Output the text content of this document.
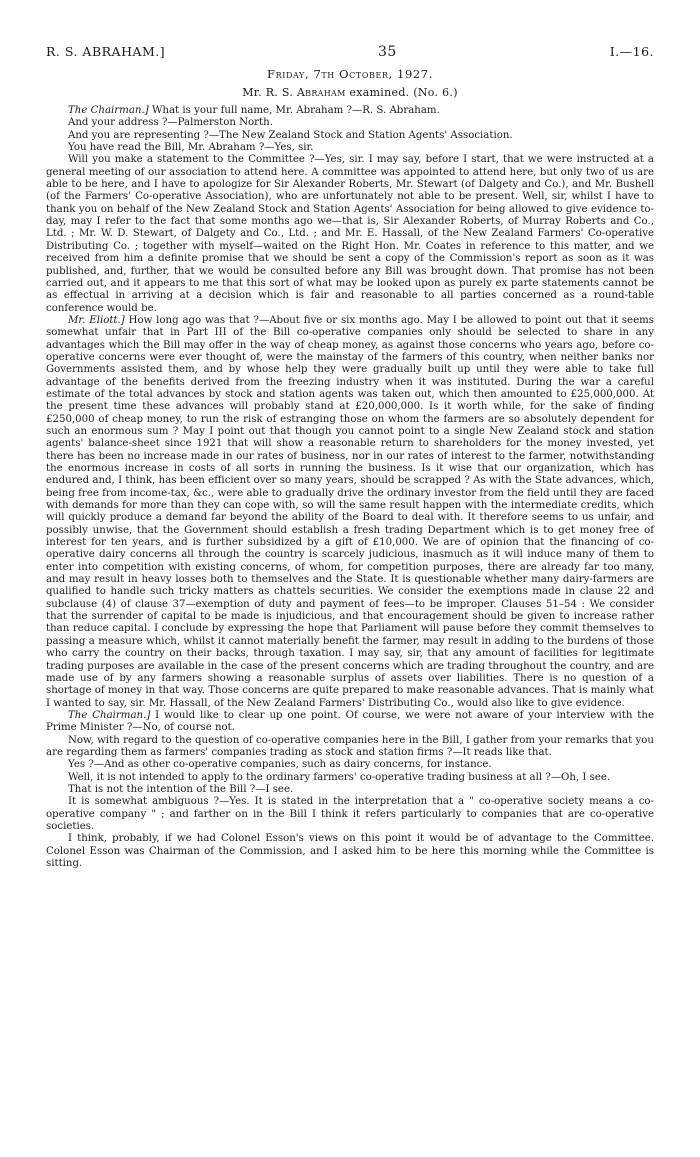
R. S. ABRAHAM.]	35	I.—16.
Friday, 7th October, 1927.
Mr. R. S. Abraham examined. (No. 6.)

The Chairman.] What is your full name, Mr. Abraham ?—R. S. Abraham.

And your address ?—Palmerston North.

And you are representing ?—The New Zealand Stock and Station Agents' Association.

You have read the Bill, Mr. Abraham ?—Yes, sir.

Will you make a statement to the Committee ?—Yes, sir. I may say, before I start, that we were instructed at a general meeting of our association to attend here. A committee was appointed to attend here, but only two of us are able to be here, and I have to apologize for Sir Alexander Roberts, Mr. Stewart (of Dalgety and Co.), and Mr. Bushell (of the Farmers' Co-operative Association), who are unfortunately not able to be present. Well, sir, whilst I have to thank you on behalf of the New Zealand Stock and Station Agents' Association for being allowed to give evidence to-day, may I refer to the fact that some months ago we—that is, Sir Alexander Roberts, of Murray Roberts and Co., Ltd. ; Mr. W. D. Stewart, of Dalgety and Co., Ltd. ; and Mr. E. Hassall, of the New Zealand Farmers' Co-operative Distributing Co. ; together with myself—waited on the Right Hon. Mr. Coates in reference to this matter, and we received from him a definite promise that we should be sent a copy of the Commission's report as soon as it was published, and, further, that we would be consulted before any Bill was brought down. That promise has not been carried out, and it appears to me that this sort of what may be looked upon as purely ex parte statements cannot be as effectual in arriving at a decision which is fair and reasonable to all parties concerned as a round-table conference would be.

Mr. Eliott.] How long ago was that ?—About five or six months ago. May I be allowed to point out that it seems somewhat unfair that in Part III of the Bill co-operative companies only should be selected to share in any advantages which the Bill may offer in the way of cheap money, as against those concerns who years ago, before co-operative concerns were ever thought of, were the mainstay of the farmers of this country, when neither banks nor Governments assisted them, and by whose help they were gradually built up until they were able to take full advantage of the benefits derived from the freezing industry when it was instituted. During the war a careful estimate of the total advances by stock and station agents was taken out, which then amounted to £25,000,000. At the present time these advances will probably stand at £20,000,000. Is it worth while, for the sake of finding £250,000 of cheap money, to run the risk of estranging those on whom the farmers are so absolutely dependent for such an enormous sum ? May I point out that though you cannot point to a single New Zealand stock and station agents' balance-sheet since 1921 that will show a reasonable return to shareholders for the money invested, yet there has been no increase made in our rates of business, nor in our rates of interest to the farmer, notwithstanding the enormous increase in costs of all sorts in running the business. Is it wise that our organization, which has endured and, I think, has been efficient over so many years, should be scrapped ? As with the State advances, which, being free from income-tax, &c., were able to gradually drive the ordinary investor from the field until they are faced with demands for more than they can cope with, so will the same result happen with the intermediate credits, which will quickly produce a demand far beyond the ability of the Board to deal with. It therefore seems to us unfair, and possibly unwise, that the Government should establish a fresh trading Department which is to get money free of interest for ten years, and is further subsidized by a gift of £10,000. We are of opinion that the financing of co-operative dairy concerns all through the country is scarcely judicious, inasmuch as it will induce many of them to enter into competition with existing concerns, of whom, for competition purposes, there are already far too many, and may result in heavy losses both to themselves and the State. It is questionable whether many dairy-farmers are qualified to handle such tricky matters as chattels securities. We consider the exemptions made in clause 22 and subclause (4) of clause 37—exemption of duty and payment of fees—to be improper. Clauses 51–54 : We consider that the surrender of capital to be made is injudicious, and that encouragement should be given to increase rather than reduce capital. I conclude by expressing the hope that Parliament will pause before they commit themselves to passing a measure which, whilst it cannot materially benefit the farmer, may result in adding to the burdens of those who carry the country on their backs, through taxation. I may say, sir, that any amount of facilities for legitimate trading purposes are available in the case of the present concerns which are trading throughout the country, and are made use of by any farmers showing a reasonable surplus of assets over liabilities. There is no question of a shortage of money in that way. Those concerns are quite prepared to make reasonable advances. That is mainly what I wanted to say, sir. Mr. Hassall, of the New Zealand Farmers' Distributing Co., would also like to give evidence.

The Chairman.] I would like to clear up one point. Of course, we were not aware of your interview with the Prime Minister ?—No, of course not.

Now, with regard to the question of co-operative companies here in the Bill, I gather from your remarks that you are regarding them as farmers' companies trading as stock and station firms ?—It reads like that.

Yes ?—And as other co-operative companies, such as dairy concerns, for instance.

Well, it is not intended to apply to the ordinary farmers' co-operative trading business at all ?—Oh, I see.

That is not the intention of the Bill ?—I see.

It is somewhat ambiguous ?—Yes. It is stated in the interpretation that a " co-operative society means a co-operative company " ; and farther on in the Bill I think it refers particularly to companies that are co-operative societies.

I think, probably, if we had Colonel Esson's views on this point it would be of advantage to the Committee. Colonel Esson was Chairman of the Commission, and I asked him to be here this morning while the Committee is sitting.
